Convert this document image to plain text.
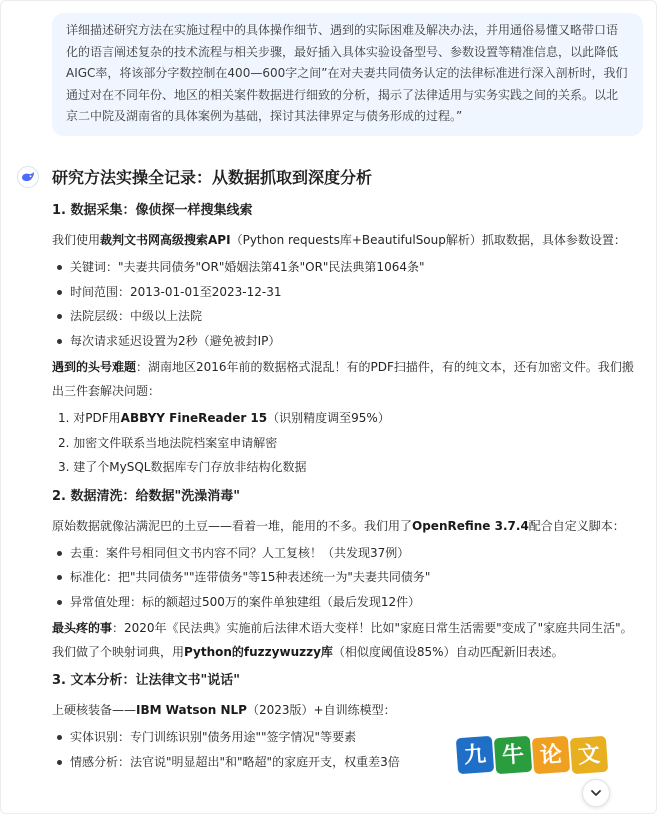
详细描述研究方法在实施过程中的具体操作细节、遇到的实际困难及解决办法，并用通俗易懂又略带口语化的语言阐述复杂的技术流程与相关步骤，最好插入具体实验设备型号、参数设置等精准信息，以此降低AIGC率，将该部分字数控制在400—600字之间”在对夫妻共同债务认定的法律标准进行深入剖析时，我们通过对在不同年份、地区的相关案件数据进行细致的分析，揭示了法律适用与实务实践之间的关系。以北京二中院及湖南省的具体案例为基础，探讨其法律界定与债务形成的过程。”
研究方法实操全记录：从数据抓取到深度分析
1. 数据采集：像侦探一样搜集线索

我们使用裁判文书网高级搜索API（Python requests库+BeautifulSoup解析）抓取数据，具体参数设置：

关键词："夫妻共同债务"OR"婚姻法第41条"OR"民法典第1064条"
时间范围：2013-01-01至2023-12-31
法院层级：中级以上法院
每次请求延迟设置为2秒（避免被封IP）

遇到的头号难题：湖南地区2016年前的数据格式混乱！有的PDF扫描件，有的纯文本，还有加密文件。我们搬出三件套解决问题：

1. 对PDF用ABBYY FineReader 15（识别精度调至95%）
2. 加密文件联系当地法院档案室申请解密
3. 建了个MySQL数据库专门存放非结构化数据
2. 数据清洗：给数据"洗澡消毒"

原始数据就像沾满泥巴的土豆——看着一堆，能用的不多。我们用了OpenRefine 3.7.4配合自定义脚本：

去重：案件号相同但文书内容不同？人工复核！（共发现37例）
标准化：把"共同债务""连带债务"等15种表述统一为"夫妻共同债务"
异常值处理：标的额超过500万的案件单独建组（最后发现12件）

最头疼的事：2020年《民法典》实施前后法律术语大变样！比如"家庭日常生活需要"变成了"家庭共同生活"。我们做了个映射词典，用Python的fuzzywuzzy库（相似度阈值设85%）自动匹配新旧表述。

3. 文本分析：让法律文书"说话"

上硬核装备——IBM Watson NLP（2023版）+自训练模型：

实体识别：专门训练识别"债务用途""签字情况"等要素
情感分析：法官说"明显超出"和"略超"的家庭开支，权重差3倍	九 牛 论 文
